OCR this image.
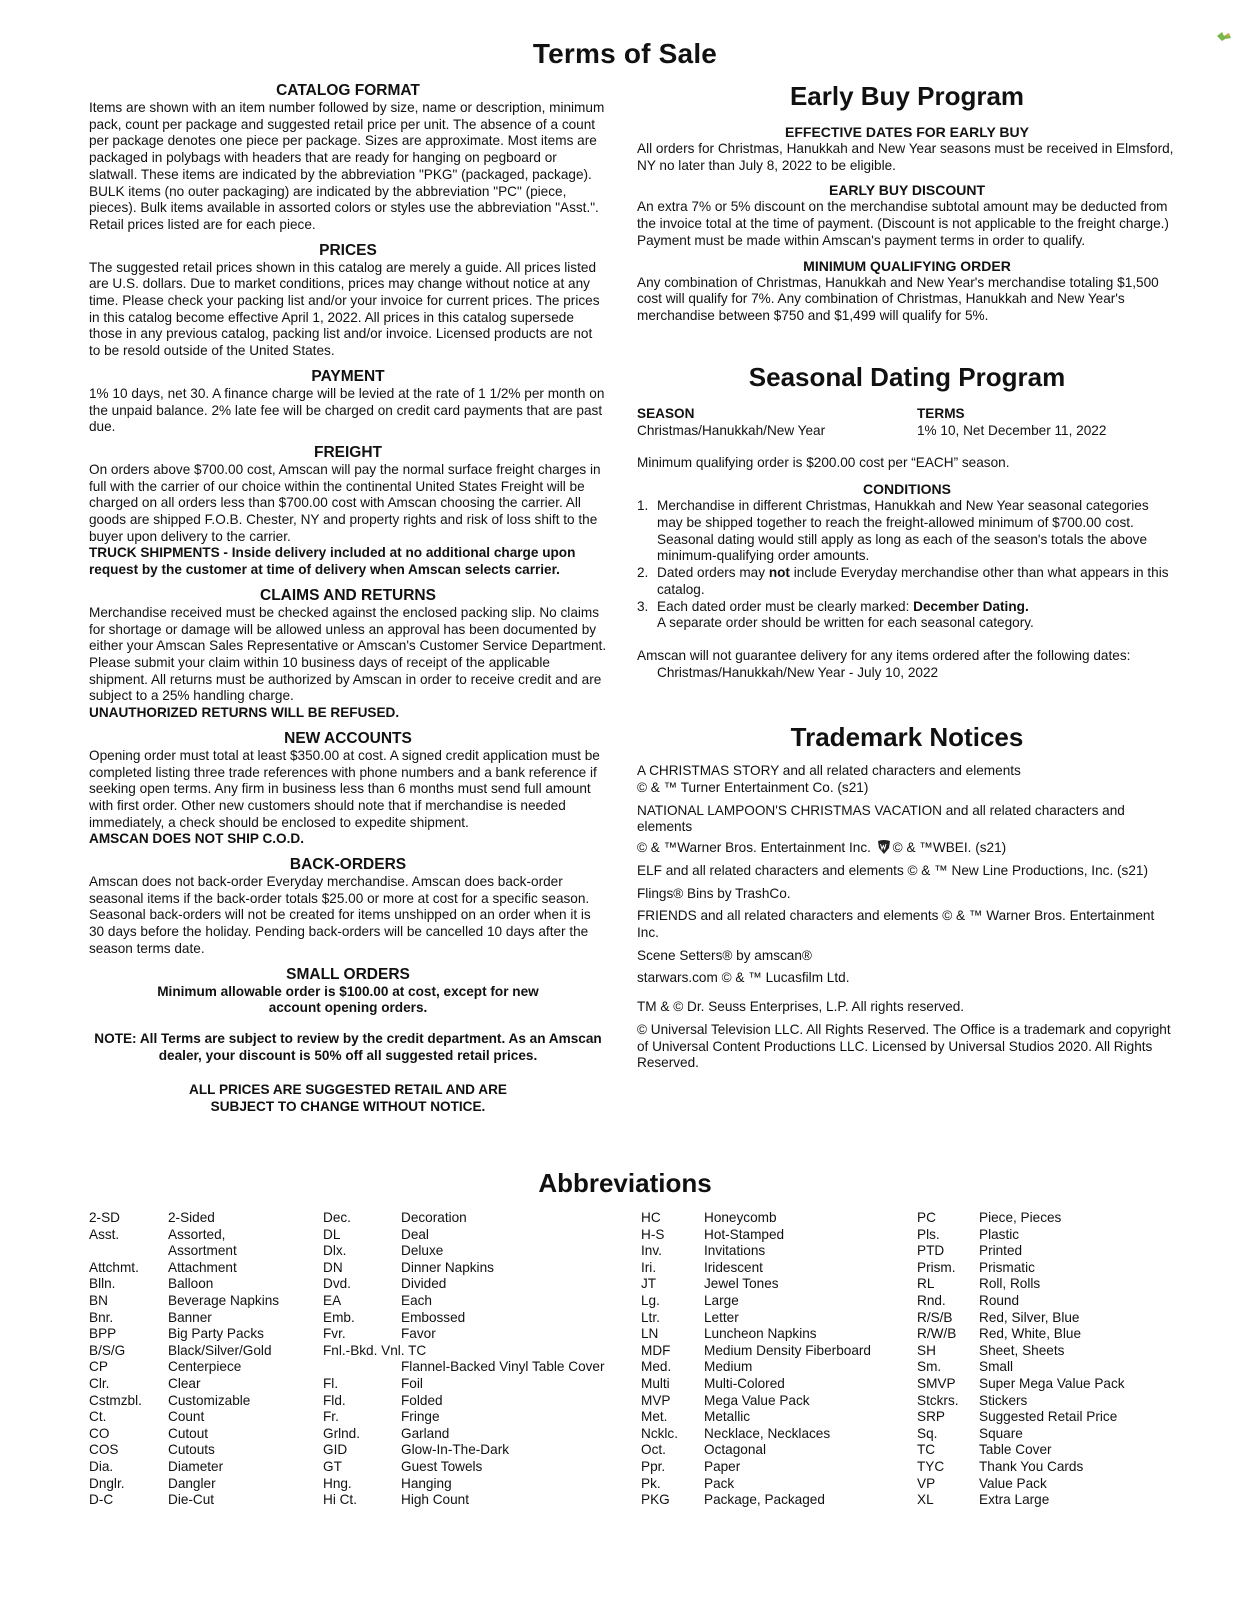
Terms of Sale
CATALOG FORMAT
Items are shown with an item number followed by size, name or description, minimum pack, count per package and suggested retail price per unit. The absence of a count per package denotes one piece per package. Sizes are approximate. Most items are packaged in polybags with headers that are ready for hanging on pegboard or slatwall. These items are indicated by the abbreviation "PKG" (packaged, package). BULK items (no outer packaging) are indicated by the abbreviation "PC" (piece, pieces). Bulk items available in assorted colors or styles use the abbreviation "Asst.". Retail prices listed are for each piece.
PRICES
The suggested retail prices shown in this catalog are merely a guide. All prices listed are U.S. dollars. Due to market conditions, prices may change without notice at any time. Please check your packing list and/or your invoice for current prices. The prices in this catalog become effective April 1, 2022. All prices in this catalog supersede those in any previous catalog, packing list and/or invoice. Licensed products are not to be resold outside of the United States.
PAYMENT
1% 10 days, net 30. A finance charge will be levied at the rate of 1 1/2% per month on the unpaid balance. 2% late fee will be charged on credit card payments that are past due.
FREIGHT
On orders above $700.00 cost, Amscan will pay the normal surface freight charges in full with the carrier of our choice within the continental United States Freight will be charged on all orders less than $700.00 cost with Amscan choosing the carrier. All goods are shipped F.O.B. Chester, NY and property rights and risk of loss shift to the buyer upon delivery to the carrier.
TRUCK SHIPMENTS - Inside delivery included at no additional charge upon request by the customer at time of delivery when Amscan selects carrier.
CLAIMS AND RETURNS
Merchandise received must be checked against the enclosed packing slip. No claims for shortage or damage will be allowed unless an approval has been documented by either your Amscan Sales Representative or Amscan's Customer Service Department. Please submit your claim within 10 business days of receipt of the applicable shipment. All returns must be authorized by Amscan in order to receive credit and are subject to a 25% handling charge.
UNAUTHORIZED RETURNS WILL BE REFUSED.
NEW ACCOUNTS
Opening order must total at least $350.00 at cost. A signed credit application must be completed listing three trade references with phone numbers and a bank reference if seeking open terms. Any firm in business less than 6 months must send full amount with first order. Other new customers should note that if merchandise is needed immediately, a check should be enclosed to expedite shipment.
AMSCAN DOES NOT SHIP C.O.D.
BACK-ORDERS
Amscan does not back-order Everyday merchandise. Amscan does back-order seasonal items if the back-order totals $25.00 or more at cost for a specific season. Seasonal back-orders will not be created for items unshipped on an order when it is 30 days before the holiday. Pending back-orders will be cancelled 10 days after the season terms date.
SMALL ORDERS
Minimum allowable order is $100.00 at cost, except for new account opening orders.
NOTE: All Terms are subject to review by the credit department. As an Amscan dealer, your discount is 50% off all suggested retail prices.
ALL PRICES ARE SUGGESTED RETAIL AND ARE SUBJECT TO CHANGE WITHOUT NOTICE.
Early Buy Program
EFFECTIVE DATES FOR EARLY BUY
All orders for Christmas, Hanukkah and New Year seasons must be received in Elmsford, NY no later than July 8, 2022 to be eligible.
EARLY BUY DISCOUNT
An extra 7% or 5% discount on the merchandise subtotal amount may be deducted from the invoice total at the time of payment. (Discount is not applicable to the freight charge.) Payment must be made within Amscan's payment terms in order to qualify.
MINIMUM QUALIFYING ORDER
Any combination of Christmas, Hanukkah and New Year's merchandise totaling $1,500 cost will qualify for 7%. Any combination of Christmas, Hanukkah and New Year's merchandise between $750 and $1,499 will qualify for 5%.
Seasonal Dating Program
SEASON	TERMS
Christmas/Hanukkah/New Year	1% 10, Net December 11, 2022
Minimum qualifying order is $200.00 cost per “EACH” season.
CONDITIONS
1. Merchandise in different Christmas, Hanukkah and New Year seasonal categories may be shipped together to reach the freight-allowed minimum of $700.00 cost. Seasonal dating would still apply as long as each of the season's totals the above minimum-qualifying order amounts.
2. Dated orders may not include Everyday merchandise other than what appears in this catalog.
3. Each dated order must be clearly marked: December Dating.
A separate order should be written for each seasonal category.
Amscan will not guarantee delivery for any items ordered after the following dates:
Christmas/Hanukkah/New Year - July 10, 2022
Trademark Notices
A CHRISTMAS STORY and all related characters and elements
© & ™ Turner Entertainment Co. (s21)
NATIONAL LAMPOON'S CHRISTMAS VACATION and all related characters and elements
© & ™Warner Bros. Entertainment Inc. © & ™WBEI. (s21)
ELF and all related characters and elements © & ™ New Line Productions, Inc. (s21)
Flings® Bins by TrashCo.
FRIENDS and all related characters and elements © & ™ Warner Bros. Entertainment Inc.
Scene Setters® by amscan®
starwars.com © & ™ Lucasfilm Ltd.
TM & © Dr. Seuss Enterprises, L.P. All rights reserved.
© Universal Television LLC. All Rights Reserved. The Office is a trademark and copyright of Universal Content Productions LLC. Licensed by Universal Studios 2020. All Rights Reserved.
Abbreviations
2-SD	2-Sided
Asst.	Assorted,
Assortment
Attchmt.	Attachment
Blln.	Balloon
BN	Beverage Napkins
Bnr.	Banner
BPP	Big Party Packs
B/S/G	Black/Silver/Gold
CP	Centerpiece
Clr.	Clear
Cstmzbl.	Customizable
Ct.	Count
CO	Cutout
COS	Cutouts
Dia.	Diameter
Dnglr.	Dangler
D-C	Die-Cut
Dec.	Decoration
DL	Deal
Dlx.	Deluxe
DN	Dinner Napkins
Dvd.	Divided
EA	Each
Emb.	Embossed
Fvr.	Favor
Fnl.-Bkd. Vnl. TC
Flannel-Backed Vinyl Table Cover
Fl.	Foil
Fld.	Folded
Fr.	Fringe
Grlnd.	Garland
GID	Glow-In-The-Dark
GT	Guest Towels
Hng.	Hanging
Hi Ct.	High Count
HC	Honeycomb
H-S	Hot-Stamped
Inv.	Invitations
Iri.	Iridescent
JT	Jewel Tones
Lg.	Large
Ltr.	Letter
LN	Luncheon Napkins
MDF	Medium Density Fiberboard
Med.	Medium
Multi	Multi-Colored
MVP	Mega Value Pack
Met.	Metallic
Ncklc.	Necklace, Necklaces
Oct.	Octagonal
Ppr.	Paper
Pk.	Pack
PKG	Package, Packaged
PC	Piece, Pieces
Pls.	Plastic
PTD	Printed
Prism.	Prismatic
RL	Roll, Rolls
Rnd.	Round
R/S/B	Red, Silver, Blue
R/W/B	Red, White, Blue
SH	Sheet, Sheets
Sm.	Small
SMVP	Super Mega Value Pack
Stckrs.	Stickers
SRP	Suggested Retail Price
Sq.	Square
TC	Table Cover
TYC	Thank You Cards
VP	Value Pack
XL	Extra Large
